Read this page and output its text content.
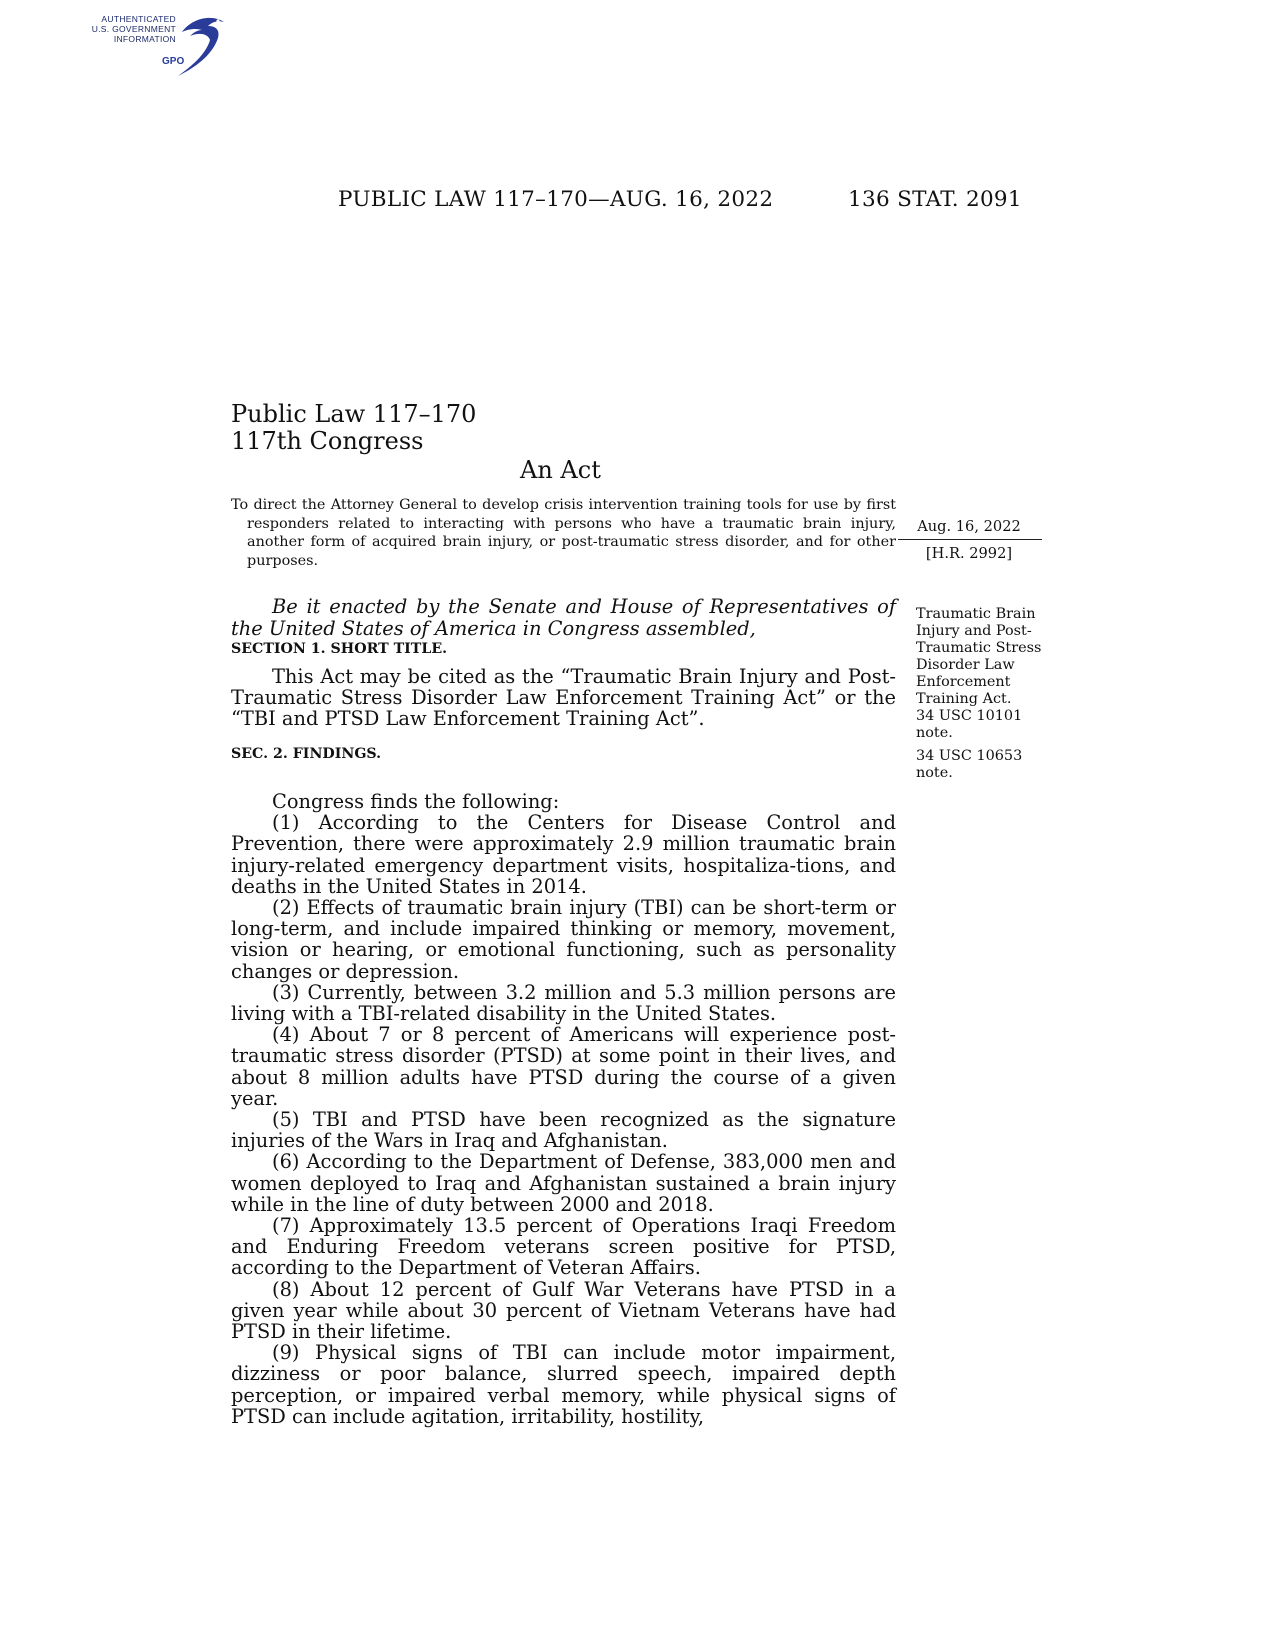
AUTHENTICATED
U.S. GOVERNMENT
INFORMATION
GPO
PUBLIC LAW 117–170—AUG. 16, 2022	136 STAT. 2091
Public Law 117–170
117th Congress
An Act
To direct the Attorney General to develop crisis intervention training tools for use by first responders related to interacting with persons who have a traumatic brain injury, another form of acquired brain injury, or post-traumatic stress disorder, and for other purposes.
Aug. 16, 2022
[H.R. 2992]
Be it enacted by the Senate and House of Representatives of the United States of America in Congress assembled,
SECTION 1. SHORT TITLE.
This Act may be cited as the “Traumatic Brain Injury and Post-Traumatic Stress Disorder Law Enforcement Training Act” or the “TBI and PTSD Law Enforcement Training Act”.
SEC. 2. FINDINGS.

Congress finds the following:

(1) According to the Centers for Disease Control and Prevention, there were approximately 2.9 million traumatic brain injury-related emergency department visits, hospitaliza-tions, and deaths in the United States in 2014.

(2) Effects of traumatic brain injury (TBI) can be short-term or long-term, and include impaired thinking or memory, movement, vision or hearing, or emotional functioning, such as personality changes or depression.

(3) Currently, between 3.2 million and 5.3 million persons are living with a TBI-related disability in the United States.

(4) About 7 or 8 percent of Americans will experience post-traumatic stress disorder (PTSD) at some point in their lives, and about 8 million adults have PTSD during the course of a given year.

(5) TBI and PTSD have been recognized as the signature injuries of the Wars in Iraq and Afghanistan.

(6) According to the Department of Defense, 383,000 men and women deployed to Iraq and Afghanistan sustained a brain injury while in the line of duty between 2000 and 2018.

(7) Approximately 13.5 percent of Operations Iraqi Freedom and Enduring Freedom veterans screen positive for PTSD, according to the Department of Veteran Affairs.

(8) About 12 percent of Gulf War Veterans have PTSD in a given year while about 30 percent of Vietnam Veterans have had PTSD in their lifetime.

(9) Physical signs of TBI can include motor impairment, dizziness or poor balance, slurred speech, impaired depth perception, or impaired verbal memory, while physical signs of PTSD can include agitation, irritability, hostility,

Traumatic Brain
Injury and Post-
Traumatic Stress
Disorder Law
Enforcement
Training Act.
34 USC 10101
note.
34 USC 10653
note.
